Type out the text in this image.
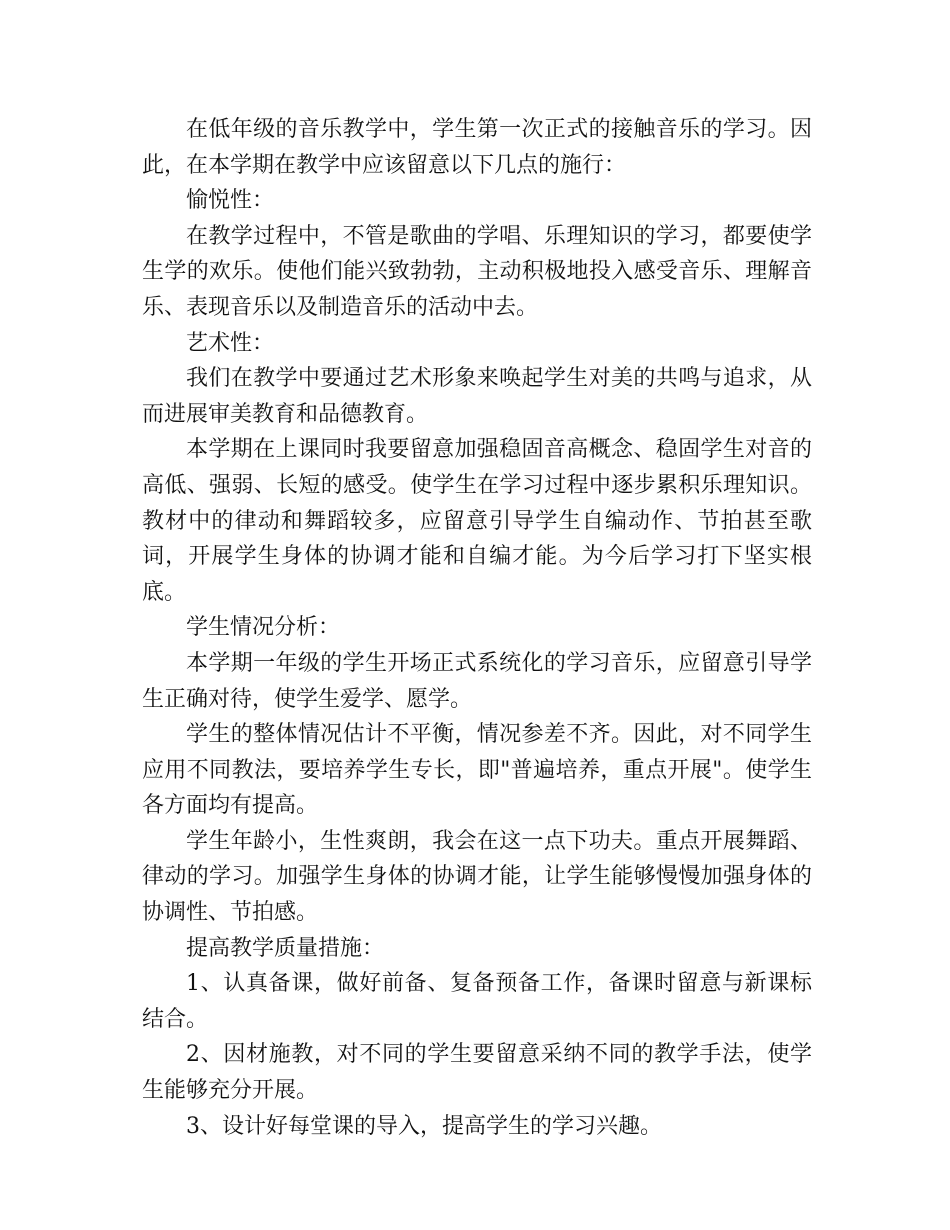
在低年级的音乐教学中，学生第一次正式的接触音乐的学习。因此，在本学期在教学中应该留意以下几点的施行：

愉悦性：

在教学过程中，不管是歌曲的学唱、乐理知识的学习，都要使学生学的欢乐。使他们能兴致勃勃，主动积极地投入感受音乐、理解音乐、表现音乐以及制造音乐的活动中去。

艺术性：

我们在教学中要通过艺术形象来唤起学生对美的共鸣与追求，从而进展审美教育和品德教育。

本学期在上课同时我要留意加强稳固音高概念、稳固学生对音的高低、强弱、长短的感受。使学生在学习过程中逐步累积乐理知识。教材中的律动和舞蹈较多，应留意引导学生自编动作、节拍甚至歌词，开展学生身体的协调才能和自编才能。为今后学习打下坚实根底。

学生情况分析：

本学期一年级的学生开场正式系统化的学习音乐，应留意引导学生正确对待，使学生爱学、愿学。

学生的整体情况估计不平衡，情况参差不齐。因此，对不同学生应用不同教法，要培养学生专长，即"普遍培养，重点开展"。使学生各方面均有提高。

学生年龄小，生性爽朗，我会在这一点下功夫。重点开展舞蹈、律动的学习。加强学生身体的协调才能，让学生能够慢慢加强身体的协调性、节拍感。

提高教学质量措施：

1、认真备课，做好前备、复备预备工作，备课时留意与新课标结合。

2、因材施教，对不同的学生要留意采纳不同的教学手法，使学生能够充分开展。

3、设计好每堂课的导入，提高学生的学习兴趣。
